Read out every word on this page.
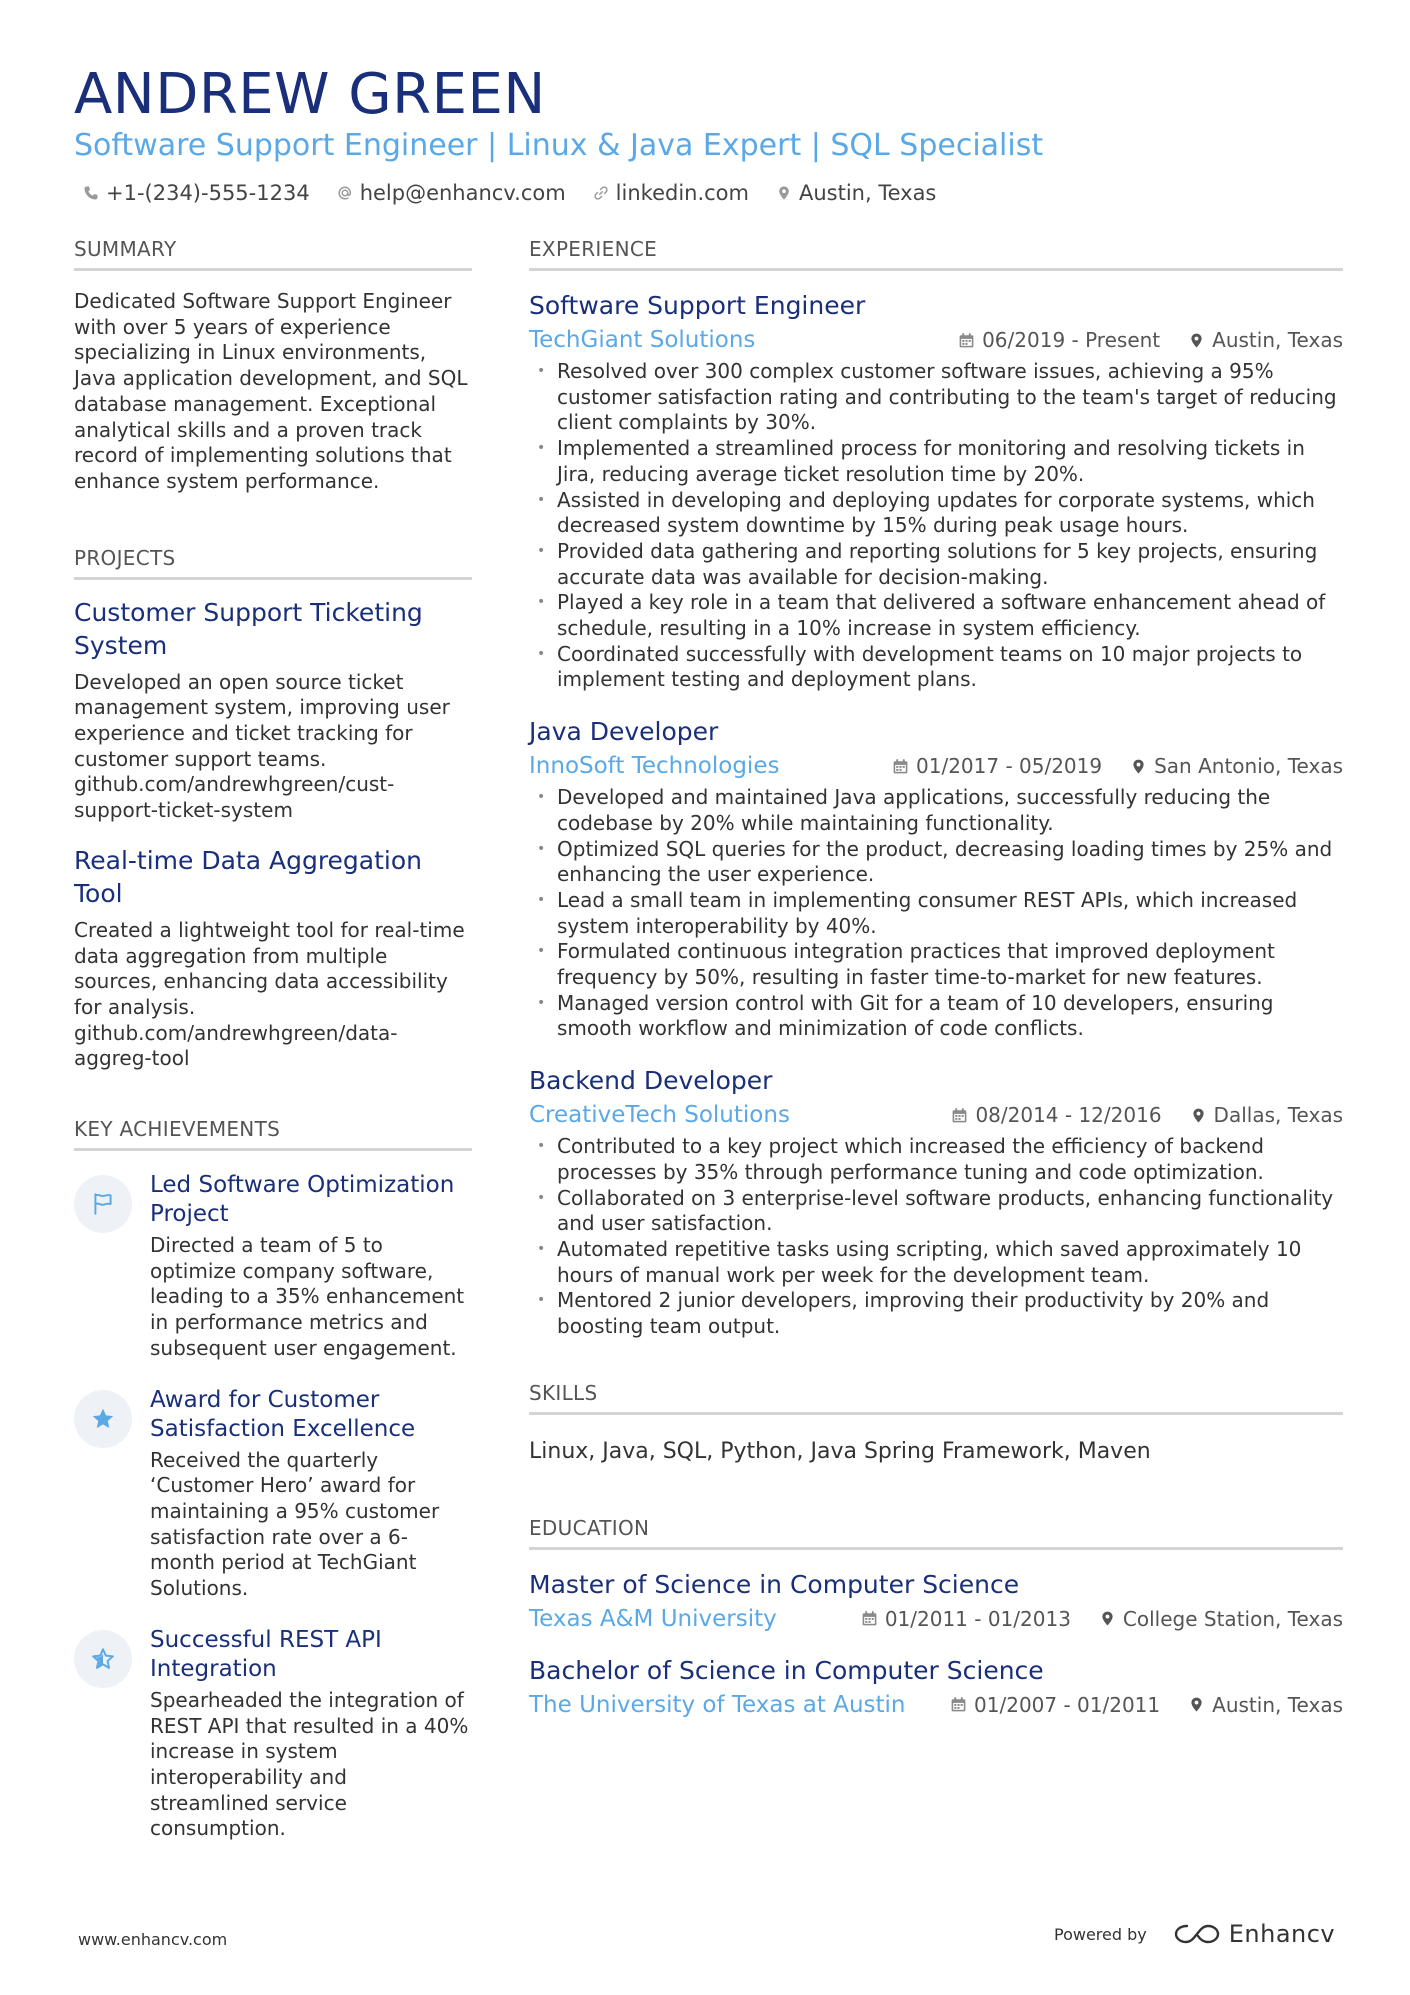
ANDREW GREEN
Software Support Engineer | Linux & Java Expert | SQL Specialist
+1-(234)-555-1234 help@enhancv.com linkedin.com Austin, Texas
SUMMARY
Dedicated Software Support Engineer with over 5 years of experience specializing in Linux environments, Java application development, and SQL database management. Exceptional analytical skills and a proven track record of implementing solutions that enhance system performance.
PROJECTS
Customer Support Ticketing System
Developed an open source ticket management system, improving user experience and ticket tracking for customer support teams.
github.com/andrewhgreen/cust-support-ticket-system
Real-time Data Aggregation Tool
Created a lightweight tool for real-time data aggregation from multiple sources, enhancing data accessibility for analysis.
github.com/andrewhgreen/data-aggreg-tool
KEY ACHIEVEMENTS
Led Software Optimization Project
Directed a team of 5 to optimize company software, leading to a 35% enhancement in performance metrics and subsequent user engagement.
Award for Customer Satisfaction Excellence
Received the quarterly ‘Customer Hero’ award for maintaining a 95% customer satisfaction rate over a 6-month period at TechGiant Solutions.
Successful REST API Integration
Spearheaded the integration of REST API that resulted in a 40% increase in system interoperability and streamlined service consumption.
EXPERIENCE
Software Support Engineer
TechGiant Solutions	06/2019 - Present	Austin, Texas
• Resolved over 300 complex customer software issues, achieving a 95% customer satisfaction rating and contributing to the team's target of reducing client complaints by 30%.
• Implemented a streamlined process for monitoring and resolving tickets in Jira, reducing average ticket resolution time by 20%.
• Assisted in developing and deploying updates for corporate systems, which decreased system downtime by 15% during peak usage hours.
• Provided data gathering and reporting solutions for 5 key projects, ensuring accurate data was available for decision-making.
• Played a key role in a team that delivered a software enhancement ahead of schedule, resulting in a 10% increase in system efficiency.
• Coordinated successfully with development teams on 10 major projects to implement testing and deployment plans.
Java Developer
InnoSoft Technologies	01/2017 - 05/2019	San Antonio, Texas
• Developed and maintained Java applications, successfully reducing the codebase by 20% while maintaining functionality.
• Optimized SQL queries for the product, decreasing loading times by 25% and enhancing the user experience.
• Lead a small team in implementing consumer REST APIs, which increased system interoperability by 40%.
• Formulated continuous integration practices that improved deployment frequency by 50%, resulting in faster time-to-market for new features.
• Managed version control with Git for a team of 10 developers, ensuring smooth workflow and minimization of code conflicts.
Backend Developer
CreativeTech Solutions	08/2014 - 12/2016	Dallas, Texas
• Contributed to a key project which increased the efficiency of backend processes by 35% through performance tuning and code optimization.
• Collaborated on 3 enterprise-level software products, enhancing functionality and user satisfaction.
• Automated repetitive tasks using scripting, which saved approximately 10 hours of manual work per week for the development team.
• Mentored 2 junior developers, improving their productivity by 20% and boosting team output.
SKILLS
Linux, Java, SQL, Python, Java Spring Framework, Maven
EDUCATION
Master of Science in Computer Science
Texas A&M University	01/2011 - 01/2013	College Station, Texas
Bachelor of Science in Computer Science
The University of Texas at Austin	01/2007 - 01/2011	Austin, Texas
www.enhancv.com	Powered by	Enhancv
